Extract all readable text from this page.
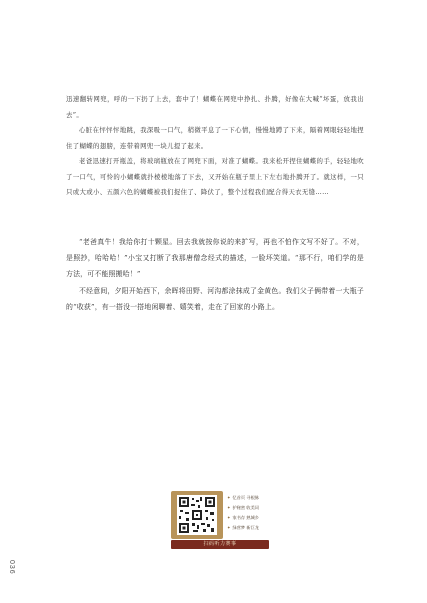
迅速翻转网兜，呼的一下扔了上去，套中了！蝴蝶在网兜中挣扎、扑腾，好像在大喊“坏蛋，放我出去”。

心脏在怦怦怦地跳，我深吸一口气，稍微平息了一下心情，慢慢地蹲了下来，隔着网眼轻轻地捏住了蝴蝶的翅膀，连带着网兜一块儿提了起来。

老爸迅速打开瓶盖，将玻璃瓶放在了网兜下面，对准了蝴蝶。我来松开捏住蝴蝶的手，轻轻地吹了一口气，可怜的小蝴蝶就扑棱棱地落了下去，又开始在瓶子里上下左右地扑腾开了。就这样，一只只或大或小、五颜六色的蝴蝶被我们捉住了、降伏了，整个过程我们配合得天衣无缝……

“老爸真牛！我给你打十颗星。回去我就按你说的来扩写，再也不怕作文写不好了。不对，是照抄，哈哈哈！”小宝又打断了我那唐僧念经式的描述，一脸坏笑道。“那不行，咱们学的是方法，可不能照搬哈！”

不经意间，夕阳开始西下，余晖将田野、河沟都涂抹成了金黄色。我们父子俩带着一大瓶子的“收获”，有一搭没一搭地闲聊着、嬉笑着，走在了回家的小路上。

✦ 忆首页 寻根脉
✦ 护秘密 收美词
✦ 家书存 熟城乡
✦ 绿营梦 新巨龙
扫码听力赛事
036
